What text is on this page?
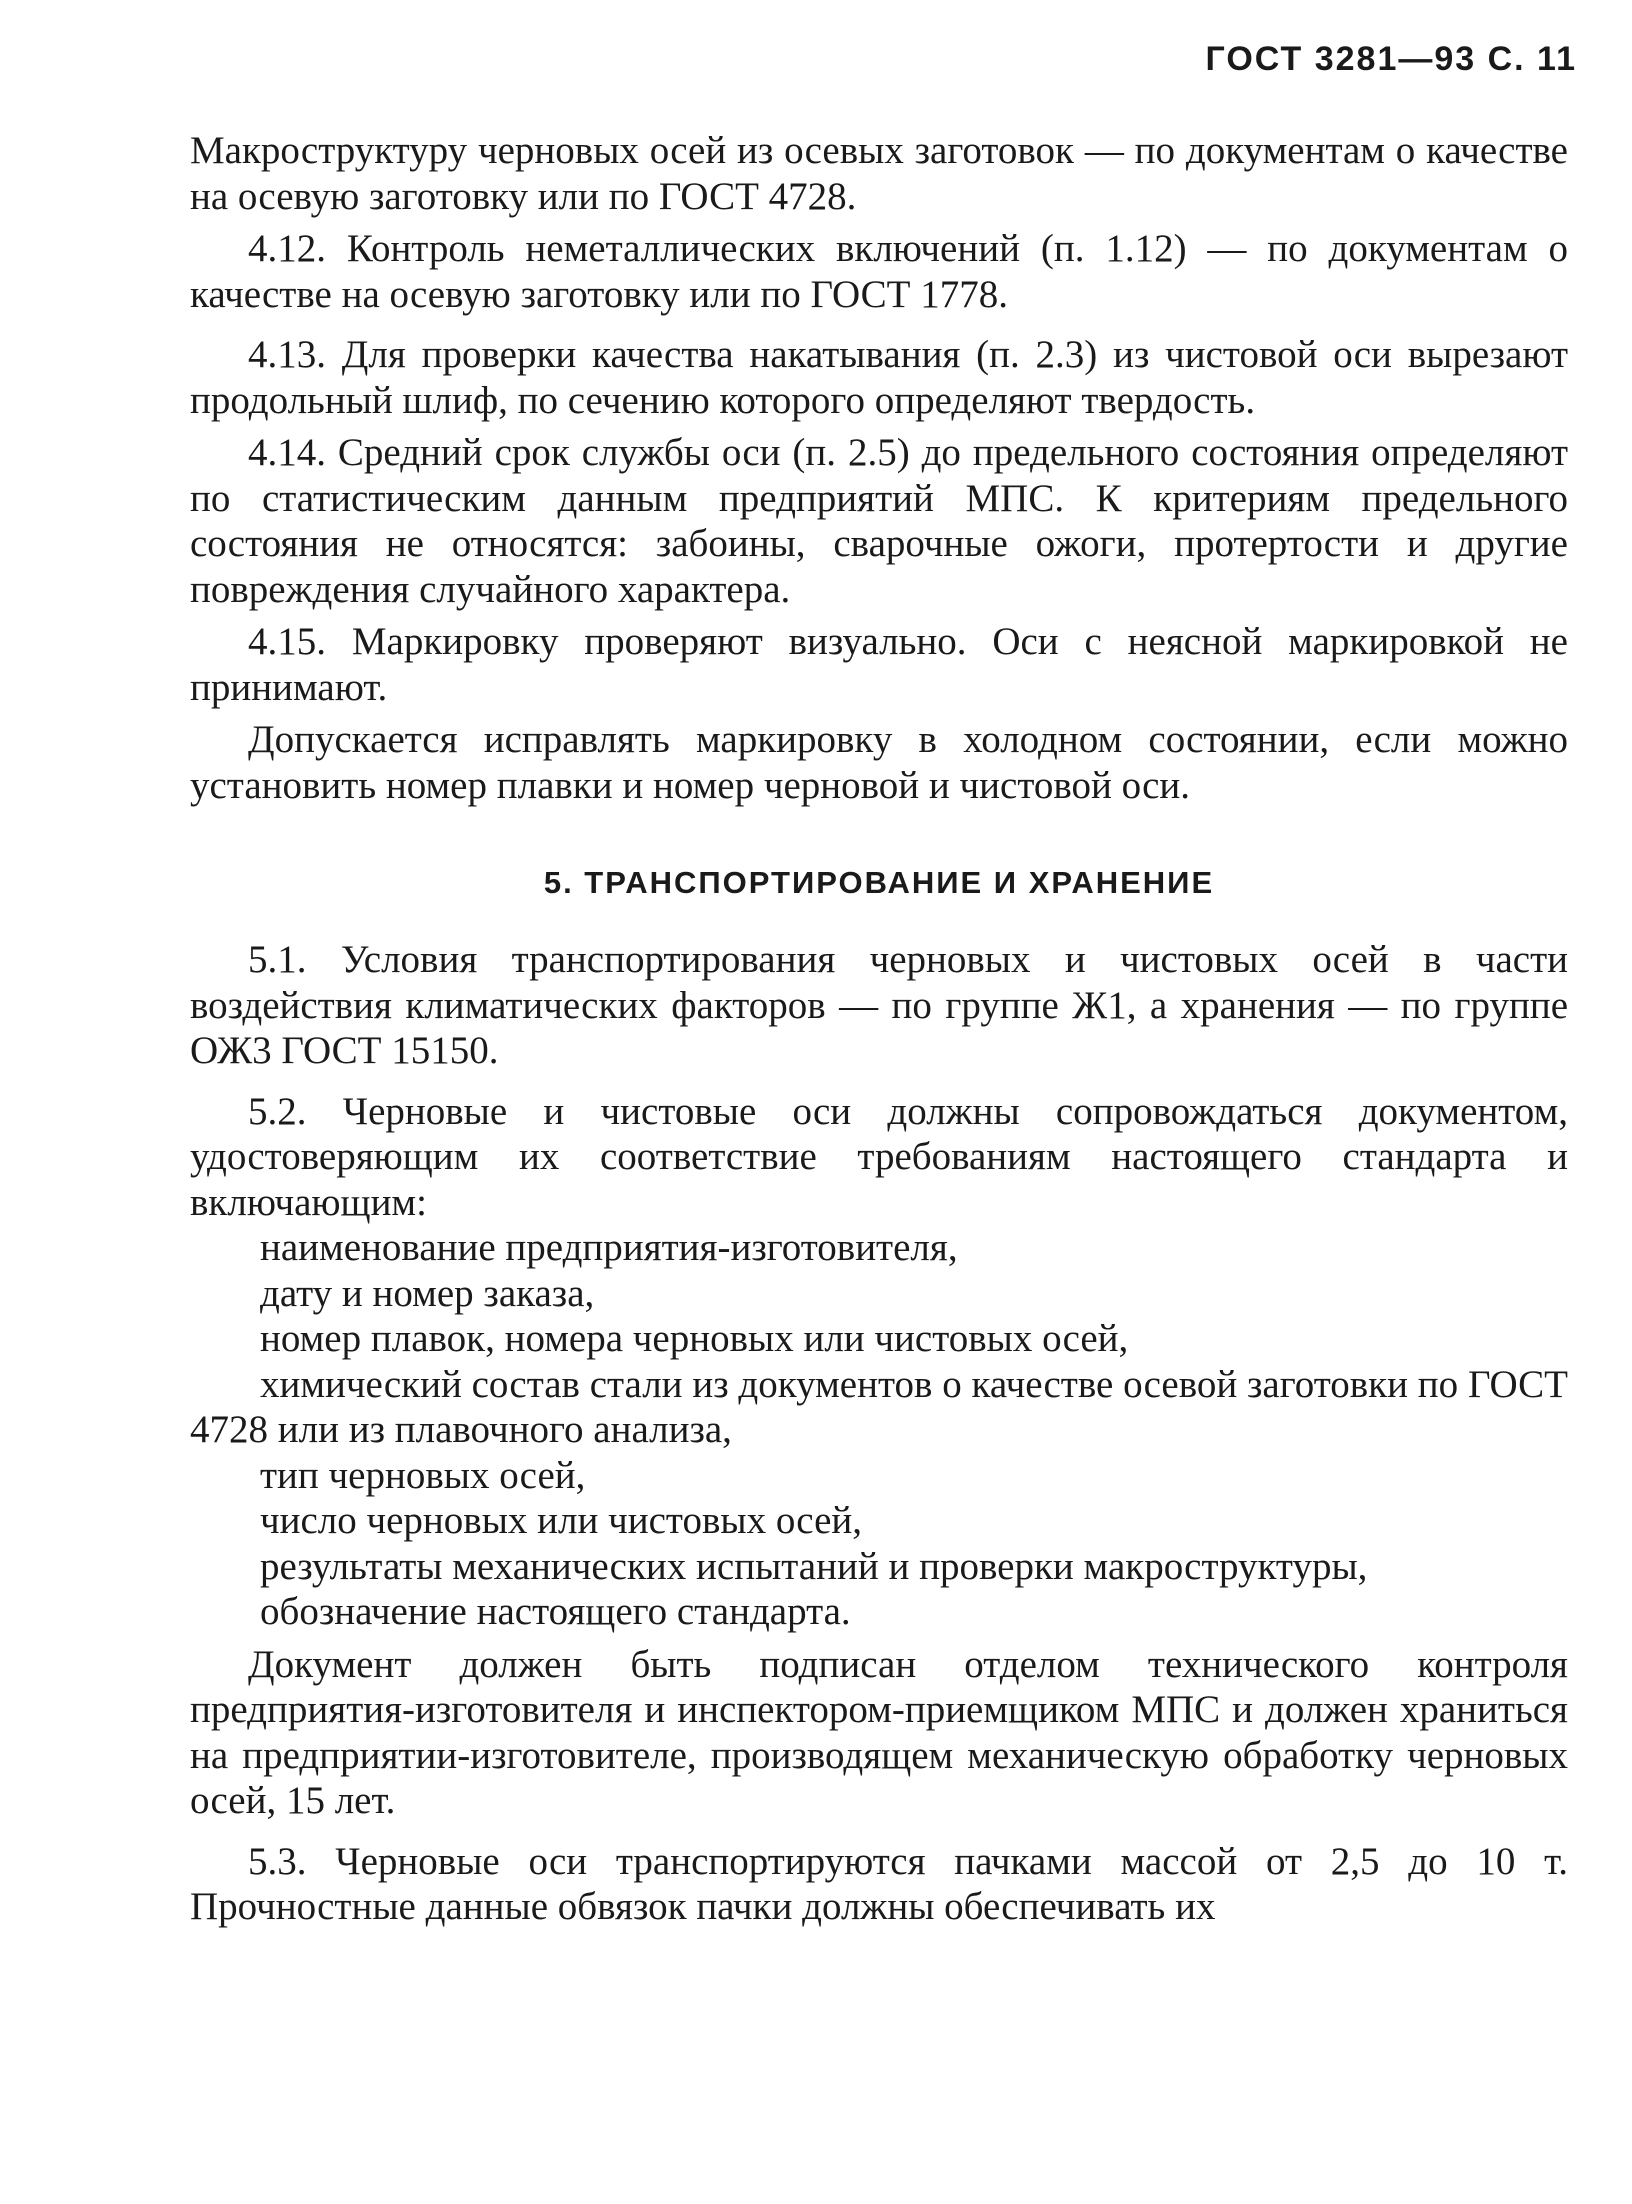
ГОСТ 3281—93 С. 11

Макроструктуру черновых осей из осевых заготовок — по документам о качестве на осевую заготовку или по ГОСТ 4728.

4.12. Контроль неметаллических включений (п. 1.12) — по документам о качестве на осевую заготовку или по ГОСТ 1778.

4.13. Для проверки качества накатывания (п. 2.3) из чистовой оси вырезают продольный шлиф, по сечению которого определяют твердость.

4.14. Средний срок службы оси (п. 2.5) до предельного состояния определяют по статистическим данным предприятий МПС. К критериям предельного состояния не относятся: забоины, сварочные ожоги, протертости и другие повреждения случайного характера.

4.15. Маркировку проверяют визуально. Оси с неясной маркировкой не принимают.

Допускается исправлять маркировку в холодном состоянии, если можно установить номер плавки и номер черновой и чистовой оси.

5. ТРАНСПОРТИРОВАНИЕ И ХРАНЕНИЕ

5.1. Условия транспортирования черновых и чистовых осей в части воздействия климатических факторов — по группе Ж1, а хранения — по группе ОЖ3 ГОСТ 15150.

5.2. Черновые и чистовые оси должны сопровождаться документом, удостоверяющим их соответствие требованиям настоящего стандарта и включающим:

наименование предприятия-изготовителя,

дату и номер заказа,

номер плавок, номера черновых или чистовых осей,

химический состав стали из документов о качестве осевой заготовки по ГОСТ 4728 или из плавочного анализа,

тип черновых осей,

число черновых или чистовых осей,

результаты механических испытаний и проверки макроструктуры,

обозначение настоящего стандарта.

Документ должен быть подписан отделом технического контроля предприятия-изготовителя и инспектором-приемщиком МПС и должен храниться на предприятии-изготовителе, производящем механическую обработку черновых осей, 15 лет.

5.3. Черновые оси транспортируются пачками массой от 2,5 до 10 т. Прочностные данные обвязок пачки должны обеспечивать их
